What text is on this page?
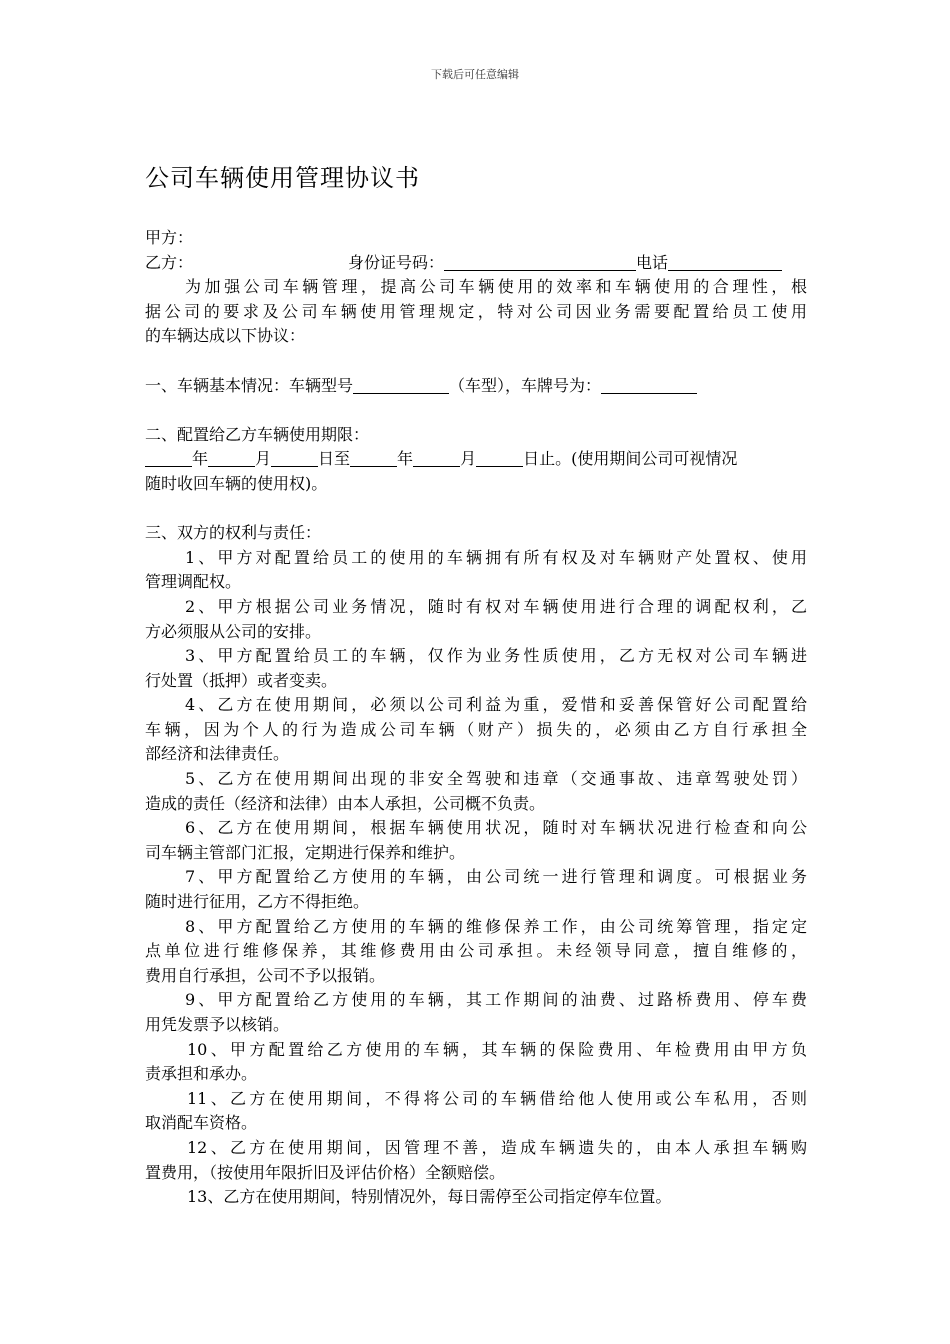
下载后可任意编辑
公司车辆使用管理协议书
甲方：
乙方：	身份证号码：	电话
为加强公司车辆管理，提高公司车辆使用的效率和车辆使用的合理性，根
据公司的要求及公司车辆使用管理规定，特对公司因业务需要配置给员工使用
的车辆达成以下协议：
一、车辆基本情况：车辆型号	（车型），车牌号为：
二、配置给乙方车辆使用期限：
年	月	日至	年	月	日止。(使用期间公司可视情况
随时收回车辆的使用权)。
三、双方的权利与责任：
1、甲方对配置给员工的使用的车辆拥有所有权及对车辆财产处置权、使用
管理调配权。
2、甲方根据公司业务情况，随时有权对车辆使用进行合理的调配权利，乙
方必须服从公司的安排。
3、甲方配置给员工的车辆，仅作为业务性质使用，乙方无权对公司车辆进
行处置（抵押）或者变卖。
4、乙方在使用期间，必须以公司利益为重，爱惜和妥善保管好公司配置给
车辆，因为个人的行为造成公司车辆（财产）损失的，必须由乙方自行承担全
部经济和法律责任。
5、乙方在使用期间出现的非安全驾驶和违章（交通事故、违章驾驶处罚）
造成的责任（经济和法律）由本人承担，公司概不负责。
6、乙方在使用期间，根据车辆使用状况，随时对车辆状况进行检查和向公
司车辆主管部门汇报，定期进行保养和维护。
7、甲方配置给乙方使用的车辆，由公司统一进行管理和调度。可根据业务
随时进行征用，乙方不得拒绝。
8、甲方配置给乙方使用的车辆的维修保养工作，由公司统筹管理，指定定
点单位进行维修保养，其维修费用由公司承担。未经领导同意，擅自维修的，
费用自行承担，公司不予以报销。
9、甲方配置给乙方使用的车辆，其工作期间的油费、过路桥费用、停车费
用凭发票予以核销。
10、甲方配置给乙方使用的车辆，其车辆的保险费用、年检费用由甲方负
责承担和承办。
11、乙方在使用期间，不得将公司的车辆借给他人使用或公车私用，否则
取消配车资格。
12、乙方在使用期间，因管理不善，造成车辆遗失的，由本人承担车辆购
置费用，（按使用年限折旧及评估价格）全额赔偿。
13、乙方在使用期间，特别情况外，每日需停至公司指定停车位置。
